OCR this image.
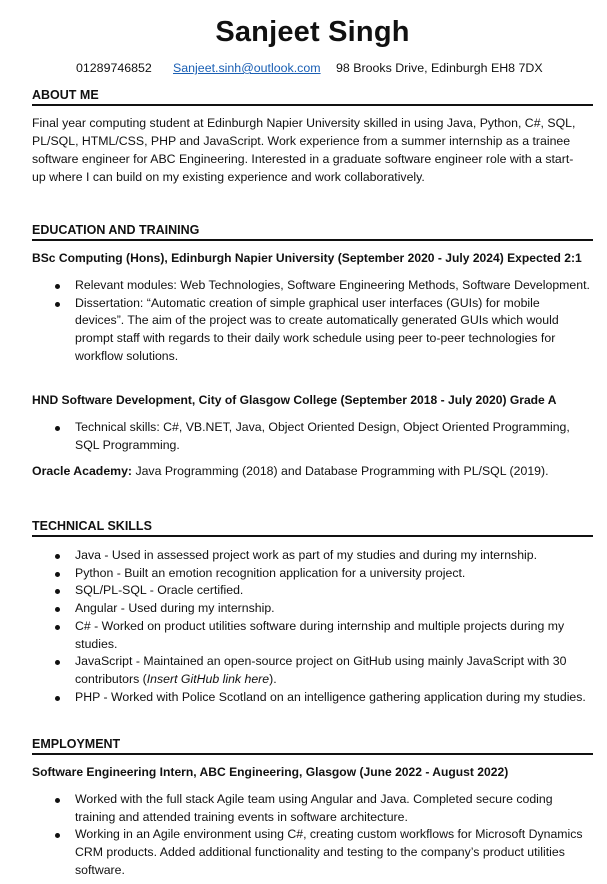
Sanjeet Singh
01289746852 Sanjeet.sinh@outlook.com 98 Brooks Drive, Edinburgh EH8 7DX
ABOUT ME

Final year computing student at Edinburgh Napier University skilled in using Java, Python, C#, SQL, PL/SQL, HTML/CSS, PHP and JavaScript. Work experience from a summer internship as a trainee software engineer for ABC Engineering. Interested in a graduate software engineer role with a start-up where I can build on my existing experience and work collaboratively.

EDUCATION AND TRAINING

BSc Computing (Hons), Edinburgh Napier University (September 2020 - July 2024) Expected 2:1

Relevant modules: Web Technologies, Software Engineering Methods, Software Development.
Dissertation: “Automatic creation of simple graphical user interfaces (GUIs) for mobile devices”. The aim of the project was to create automatically generated GUIs which would prompt staff with regards to their daily work schedule using peer to-peer technologies for workflow solutions.

HND Software Development, City of Glasgow College (September 2018 - July 2020) Grade A

Technical skills: C#, VB.NET, Java, Object Oriented Design, Object Oriented Programming, SQL Programming.

Oracle Academy: Java Programming (2018) and Database Programming with PL/SQL (2019).

TECHNICAL SKILLS
Java - Used in assessed project work as part of my studies and during my internship.
Python - Built an emotion recognition application for a university project.
SQL/PL-SQL - Oracle certified.
Angular - Used during my internship.
C# - Worked on product utilities software during internship and multiple projects during my studies.
JavaScript - Maintained an open-source project on GitHub using mainly JavaScript with 30 contributors (Insert GitHub link here).
PHP - Worked with Police Scotland on an intelligence gathering application during my studies.
EMPLOYMENT

Software Engineering Intern, ABC Engineering, Glasgow (June 2022 - August 2022)

Worked with the full stack Agile team using Angular and Java. Completed secure coding training and attended training events in software architecture.
Working in an Agile environment using C#, creating custom workflows for Microsoft Dynamics CRM products. Added additional functionality and testing to the company’s product utilities software.
